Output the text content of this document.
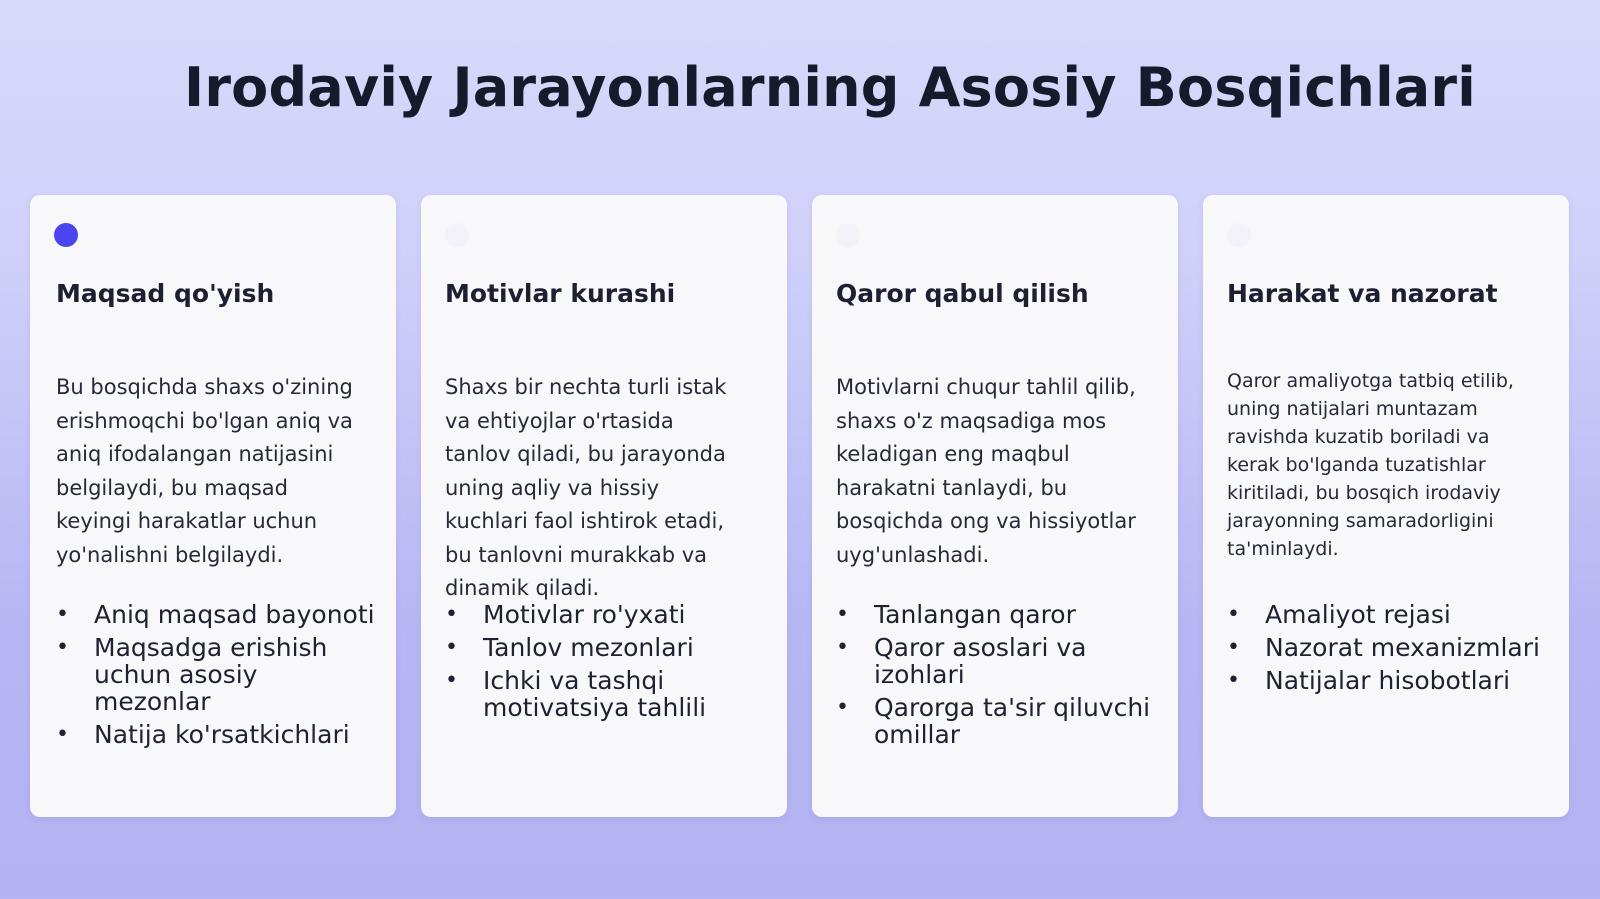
Irodaviy Jarayonlarning Asosiy Bosqichlari
Maqsad qo'yish
Bu bosqichda shaxs o'zining erishmoqchi bo'lgan aniq va aniq ifodalangan natijasini belgilaydi, bu maqsad keyingi harakatlar uchun yo'nalishni belgilaydi.
• Aniq maqsad bayonoti
• Maqsadga erishish uchun asosiy mezonlar
• Natija ko'rsatkichlari
Motivlar kurashi
Shaxs bir nechta turli istak va ehtiyojlar o'rtasida tanlov qiladi, bu jarayonda uning aqliy va hissiy kuchlari faol ishtirok etadi, bu tanlovni murakkab va dinamik qiladi.
• Motivlar ro'yxati
• Tanlov mezonlari
• Ichki va tashqi motivatsiya tahlili
Qaror qabul qilish
Motivlarni chuqur tahlil qilib, shaxs o'z maqsadiga mos keladigan eng maqbul harakatni tanlaydi, bu bosqichda ong va hissiyotlar uyg'unlashadi.
• Tanlangan qaror
• Qaror asoslari va izohlari
• Qarorga ta'sir qiluvchi omillar
Harakat va nazorat
Qaror amaliyotga tatbiq etilib, uning natijalari muntazam ravishda kuzatib boriladi va kerak bo'lganda tuzatishlar kiritiladi, bu bosqich irodaviy jarayonning samaradorligini ta'minlaydi.
• Amaliyot rejasi
• Nazorat mexanizmlari
• Natijalar hisobotlari
